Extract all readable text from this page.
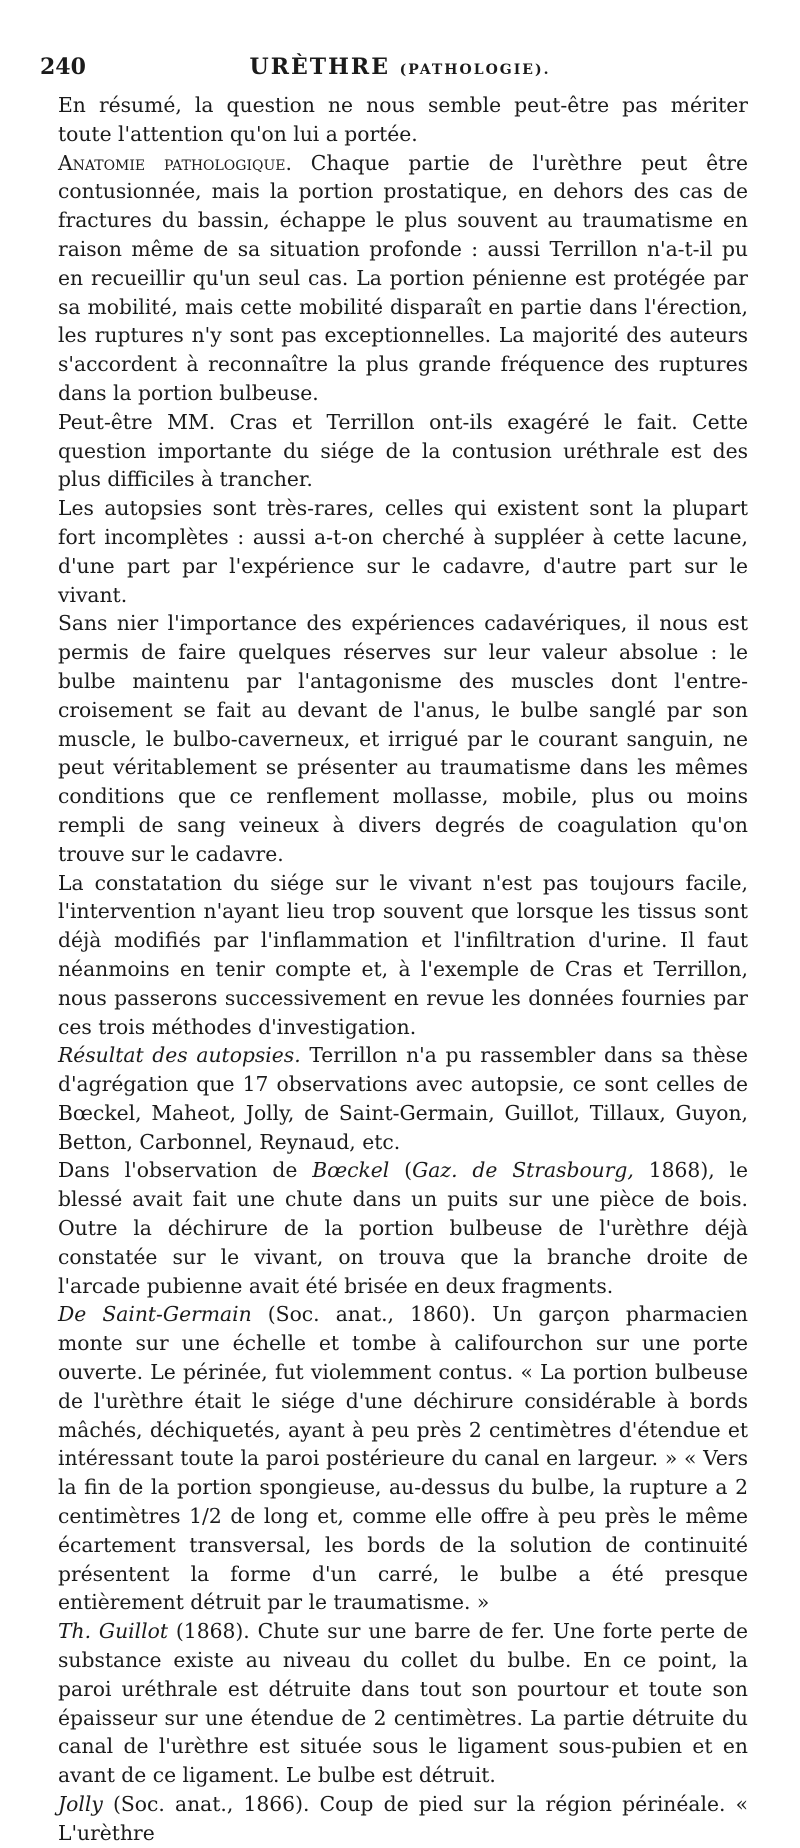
240	URÈTHRE (PATHOLOGIE).

En résumé, la question ne nous semble peut-être pas mériter toute l'attention qu'on lui a portée.

Anatomie pathologique. Chaque partie de l'urèthre peut être contusionnée, mais la portion prostatique, en dehors des cas de fractures du bassin, échappe le plus souvent au traumatisme en raison même de sa situation profonde : aussi Terrillon n'a-t-il pu en recueillir qu'un seul cas. La portion pénienne est protégée par sa mobilité, mais cette mobilité disparaît en partie dans l'érection, les ruptures n'y sont pas exceptionnelles. La majorité des auteurs s'accordent à reconnaître la plus grande fréquence des ruptures dans la portion bulbeuse.

Peut-être MM. Cras et Terrillon ont-ils exagéré le fait. Cette question importante du siége de la contusion uréthrale est des plus difficiles à trancher.

Les autopsies sont très-rares, celles qui existent sont la plupart fort incomplètes : aussi a-t-on cherché à suppléer à cette lacune, d'une part par l'expérience sur le cadavre, d'autre part sur le vivant.

Sans nier l'importance des expériences cadavériques, il nous est permis de faire quelques réserves sur leur valeur absolue : le bulbe maintenu par l'antagonisme des muscles dont l'entre-croisement se fait au devant de l'anus, le bulbe sanglé par son muscle, le bulbo-caverneux, et irrigué par le courant sanguin, ne peut véritablement se présenter au traumatisme dans les mêmes conditions que ce renflement mollasse, mobile, plus ou moins rempli de sang veineux à divers degrés de coagulation qu'on trouve sur le cadavre.

La constatation du siége sur le vivant n'est pas toujours facile, l'intervention n'ayant lieu trop souvent que lorsque les tissus sont déjà modifiés par l'inflammation et l'infiltration d'urine. Il faut néanmoins en tenir compte et, à l'exemple de Cras et Terrillon, nous passerons successivement en revue les données fournies par ces trois méthodes d'investigation.

Résultat des autopsies. Terrillon n'a pu rassembler dans sa thèse d'agrégation que 17 observations avec autopsie, ce sont celles de Bœckel, Maheot, Jolly, de Saint-Germain, Guillot, Tillaux, Guyon, Betton, Carbonnel, Reynaud, etc.

Dans l'observation de Bœckel (Gaz. de Strasbourg, 1868), le blessé avait fait une chute dans un puits sur une pièce de bois. Outre la déchirure de la portion bulbeuse de l'urèthre déjà constatée sur le vivant, on trouva que la branche droite de l'arcade pubienne avait été brisée en deux fragments.

De Saint-Germain (Soc. anat., 1860). Un garçon pharmacien monte sur une échelle et tombe à califourchon sur une porte ouverte. Le périnée, fut violemment contus. « La portion bulbeuse de l'urèthre était le siége d'une déchirure considérable à bords mâchés, déchiquetés, ayant à peu près 2 centimètres d'étendue et intéressant toute la paroi postérieure du canal en largeur. » « Vers la fin de la portion spongieuse, au-dessus du bulbe, la rupture a 2 centimètres 1/2 de long et, comme elle offre à peu près le même écartement transversal, les bords de la solution de continuité présentent la forme d'un carré, le bulbe a été presque entièrement détruit par le traumatisme. »

Th. Guillot (1868). Chute sur une barre de fer. Une forte perte de substance existe au niveau du collet du bulbe. En ce point, la paroi uréthrale est détruite dans tout son pourtour et toute son épaisseur sur une étendue de 2 centimètres. La partie détruite du canal de l'urèthre est située sous le ligament sous-pubien et en avant de ce ligament. Le bulbe est détruit.

Jolly (Soc. anat., 1866). Coup de pied sur la région périnéale. « L'urèthre
